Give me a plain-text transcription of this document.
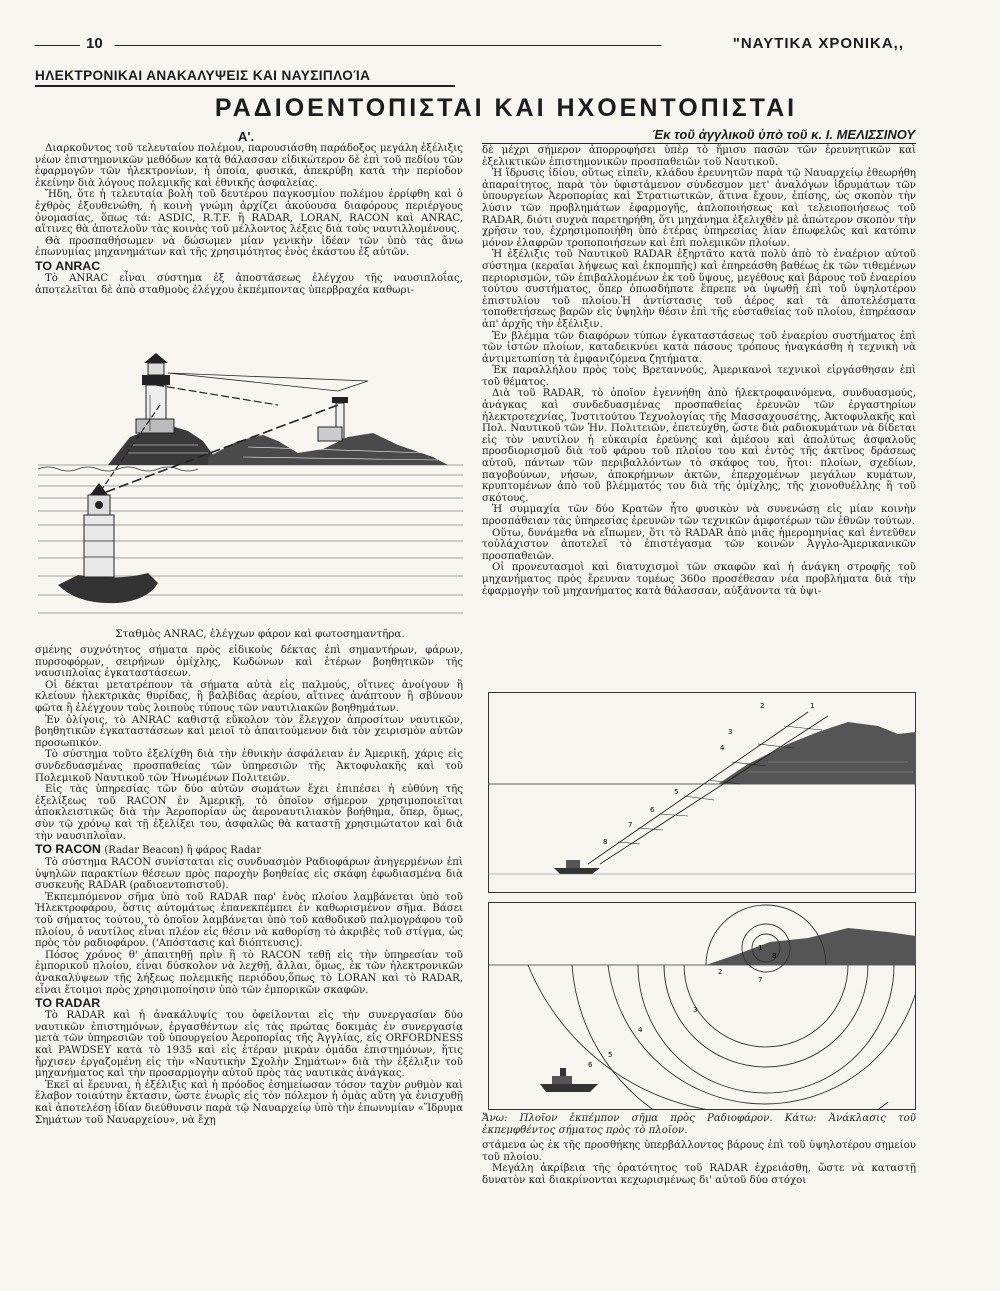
10	"ΝΑΥΤΙΚΑ ΧΡΟΝΙΚΑ,,
ΗΛΕΚΤΡΟΝΙΚΑΙ ΑΝΑΚΑΛΥΨΕΙΣ ΚΑΙ ΝΑΥΣΙΠΛΟΊΑ
ΡΑΔΙΟΕΝΤΟΠΙΣΤΑΙ ΚΑΙ ΗΧΟΕΝΤΟΠΙΣΤΑΙ
Α'.	Έκ τοῦ ἀγγλικοῦ ὑπὸ τοῦ κ. Ι. ΜΕΛΙΣΣΙΝΟΥ

Διαρκοῦντος τοῦ τελευταίου πολέμου, παρουσιάσθη παράδοξος μεγάλη ἐξέλιξις νέων ἐπιστημονικῶν μεθόδων κατὰ θάλασσαν εἰδικώτερον δὲ ἐπὶ τοῦ πεδίου τῶν ἐφαρμογῶν τῶν ἠλεκτρονίων, ἡ ὁποία, φυσικά, ἀπεκρύβη κατὰ τὴν περίοδον ἐκείνην διὰ λόγους πολεμικῆς καὶ ἐθνικῆς ἀσφαλείας.

Ἤδη, ὅτε ἡ τελευταία βολὴ τοῦ δευτέρου παγκοσμίου πολέμου ἐρρίφθη καὶ ὁ ἐχθρὸς ἐξουθενώθη, ἡ κοινὴ γνώμη ἀρχίζει ἀκούουσα διαφόρους περιέργους ὀνομασίας, ὅπως τά: ASDIC, R.T.F. ἢ RADAR, LORAN, RACON καὶ ANRAC, αἵτινες θὰ ἀποτελοῦν τὰς κοινὰς τοῦ μέλλοντος λέξεις διὰ τοὺς ναυτιλλομένους.

Θὰ προσπαθήσωμεν νὰ δώσωμεν μίαν γενικὴν ἰδέαν τῶν ὑπὸ τὰς ἄνω ἐπωνυμίας μηχανημάτων καὶ τῆς χρησιμότητος ἑνὸς ἑκάστου ἐξ αὐτῶν.

ΤΟ ANRAC

Τὸ ANRAC εἶναι σύστημα ἐξ ἀποστάσεως ἐλέγχου τῆς ναυσιπλοΐας, ἀποτελεῖται δὲ ἀπὸ σταθμοὺς ἐλέγχου ἐκπέμποντας ὑπερβραχέα καθωρι-

Σταθμὸς ANRAC, ἐλέγχων φάρον καὶ φωτοσημαντῆρα.

σμένης συχνότητος σήματα πρὸς εἰδικοὺς δέκτας ἐπὶ σημαντήρων, φάρων, πυρσοφόρων, σειρήνων ὀμίχλης, Κωδώνων καὶ ἑτέρων βοηθητικῶν τῆς ναυσιπλοΐας ἐγκαταστάσεων.

Οἱ δέκται μετατρέπουν τὰ σήματα αὐτὰ εἰς παλμούς, οἵτινες ἀνοίγουν ἢ κλείουν ἠλεκτρικὰς θυρίδας, ἢ βαλβίδας ἀερίου, αἵτινες ἀνάπτουν ἢ σβύνουν φῶτα ἢ ἐλέγχουν τοὺς λοιποὺς τύπους τῶν ναυτιλιακῶν βοηθημάτων.

Ἐν ὀλίγοις, τὸ ANRAC καθιστᾷ εὔκολον τὸν ἔλεγχον ἀπροσίτων ναυτικῶν, βοηθητικῶν ἐγκαταστάσεων καὶ μειοῖ τὸ ἀπαιτούμενον διὰ τὸν χειρισμὸν αὐτῶν προσωπικόν.

Τὸ σύστημα τοῦτο ἐξελίχθη διὰ τὴν ἐθνικὴν ἀσφάλειαν ἐν Ἀμερικῇ, χάρις εἰς συνδεδυασμένας προσπαθείας τῶν ὑπηρεσιῶν τῆς Ἀκτοφυλακῆς καὶ τοῦ Πολεμικοῦ Ναυτικοῦ τῶν Ἡνωμένων Πολιτειῶν.

Εἰς τὰς ὑπηρεσίας τῶν δύο αὐτῶν σωμάτων ἔχει ἐπιπέσει ἡ εὐθύνη τῆς ἐξελίξεως τοῦ RACON ἐν Ἀμερικῇ, τὸ ὁποῖον σήμερον χρησιμοποιεῖται ἀποκλειστικῶς διὰ τὴν Ἀεροπορίαν ὡς ἀεροναυτιλιακὸν βοήθημα, ὅπερ, ὅμως, σὺν τῷ χρόνῳ καὶ τῇ ἐξελίξει του, ἀσφαλῶς θὰ καταστῇ χρησιμώτατον καὶ διὰ τὴν ναυσιπλοΐαν.

ΤΟ RACON (Radar Beacon) ἢ φάρος Radar

Τὸ σύστημα RACON συνίσταται εἰς συνδυασμὸν Ραδιοφάρων ἀνηγερμένων ἐπὶ ὑψηλῶν παρακτίων θέσεων πρὸς παροχὴν βοηθείας εἰς σκάφη ἐφωδιασμένα διὰ συσκευῆς RADAR (ραδιοεντοπιστοῦ).

Ἐκπεμπόμενον σῆμα ὑπὸ τοῦ RADAR παρ' ἑνὸς πλοίου λαμβάνεται ὑπὸ τοῦ Ἠλεκτροφάρου, ὅστις αὐτομάτως ἐπανεκπέμπει ἐν καθωρισμένον σῆμα. Βάσει τοῦ σήματος τούτου, τὸ ὁποῖον λαμβάνεται ὑπὸ τοῦ καθοδικοῦ παλμογράφου τοῦ πλοίου, ὁ ναυτίλος εἶναι πλέον εἰς θέσιν νὰ καθορίσῃ τὸ ἀκριβὲς τοῦ στίγμα, ὡς πρὸς τὸν ραδιοφάρον. ('Απόστασις καὶ διόπτευσις).

Πόσος χρόνος θ' ἀπαιτηθῇ πρὶν ἢ τὸ RACON τεθῇ εἰς τὴν ὑπηρεσίαν τοῦ ἐμπορικοῦ πλοίου, εἶναι δύσκολον νὰ λεχθῇ, ἄλλαι, ὅμως, ἐκ τῶν ἠλεκτρονικῶν ἀνακαλύψεων τῆς λήξεως πολεμικῆς περιόδου,ὅπως τὸ LORAN καὶ τὸ RADAR, εἶναι ἕτοιμοι πρὸς χρησιμοποίησιν ὑπὸ τῶν ἐμπορικῶν σκαφῶν.

ΤΟ RADAR

Τὸ RADAR καὶ ἡ ἀνακάλυψίς του ὀφείλονται εἰς τὴν συνεργασίαν δύο ναυτικῶν ἐπιστημόνων, ἐργασθέντων εἰς τὰς πρώτας δοκιμὰς ἐν συνεργασίᾳ μετὰ τῶν ὑπηρεσιῶν τοῦ ὑπουργείου Ἀεροπορίας τῆς Ἀγγλίας, εἰς ORFORDNESS καὶ PAWDSEY κατὰ τὸ 1935 καὶ εἰς ἑτέραν μικρὰν ὁμάδα ἐπιστημόνων, ἥτις ἤρχισεν ἐργαζομένη εἰς τὴν «Ναυτικὴν Σχολὴν Σημάτων» διὰ τὴν ἐξέλιξιν τοῦ μηχανήματος καὶ τὴν προσαρμογὴν αὐτοῦ πρὸς τὰς ναυτικὰς ἀνάγκας.

Ἐκεῖ αἱ ἔρευναι, ἡ ἐξέλιξις καὶ ἡ πρόοδος ἐσημείωσαν τόσον ταχὺν ρυθμὸν καὶ ἔλαβον τοιαύτην ἔκτασιν, ὥστε ἐνωρὶς εἰς τὸν πόλεμον ἡ ὁμὰς αὕτη γὰ ἐνισχυθῇ καὶ ἀποτελέσῃ ἰδίαν διεύθυνσιν παρὰ τῷ Ναυαρχείῳ ὑπὸ τὴν ἐπωνυμίαν «Ἵδρυμα Σημάτων τοῦ Ναυαρχείου», νὰ ἔχῃ

δὲ μέχρι σήμερον ἀπορροφήσει ὑπὲρ τὸ ἥμισυ πασῶν τῶν ἐρευνητικῶν καὶ ἐξελικτικῶν ἐπιστημονικῶν προσπαθειῶν τοῦ Ναυτικοῦ.

Ἡ ἵδρυσις ἰδίου, οὕτως εἰπεῖν, κλάδου ἐρευνητῶν παρὰ τῷ Ναυαρχείῳ ἐθεωρήθη ἀπαραίτητος, παρὰ τὸν ὑφιστάμενον σύνδεσμον μετ' ἀναλόγων ἱδρυμάτων τῶν ὑπουργείων Ἀεροπορίας καὶ Στρατιωτικῶν, ἅτινα ἔχουν, ἐπίσης, ὡς σκοπὸν τὴν λύσιν τῶν προβλημάτων ἐφαρμογῆς, ἁπλοποιήσεως καὶ τελειοποιήσεως τοῦ RADAR, διότι συχνὰ παρετηρήθη, ὅτι μηχάνημα ἐξελιχθὲν μὲ ἀπώτερον σκοπὸν τὴν χρῆσιν του, ἐχρησιμοποιήθη ὑπὸ ἑτέρας ὑπηρεσίας λίαν ἐπωφελῶς καὶ κατόπιν μόνον ἐλαφρῶν τροποποιήσεων καὶ ἐπὶ πολεμικῶν πλοίων.

Ἡ ἐξέλιξις τοῦ Ναυτικοῦ RADAR ἐξηρτᾶτο κατὰ πολὺ ἀπὸ τὸ ἐναέριον αὐτοῦ σύστημα (κεραῖαι λήψεως καὶ ἐκπομπῆς) καὶ ἐπηρεάσθη βαθέως ἐκ τῶν τιθεμένων περιορισμῶν, τῶν ἐπιβαλλομένων ἐκ τοῦ ὕψους, μεγέθους καὶ βάρους τοῦ ἐναερίου τούτου συστήματος, ὅπερ ὁπωσδήποτε ἔπρεπε νὰ ὑψωθῇ ἐπὶ τοῦ ὑψηλοτέρου ἐπιστυλίου τοῦ πλοίου.Ἡ ἀντίστασις τοῦ ἀέρος καὶ τὰ ἀποτελέσματα τοποθετήσεως βαρῶν εἰς ὑψηλὴν θέσιν ἐπὶ τῆς εὐσταθείας τοῦ πλοίου, ἐπηρέασαν ἀπ' ἀρχῆς τὴν ἐξέλιξιν.

Ἐν βλέμμα τῶν διαφόρων τύπων ἐγκαταστάσεως τοῦ ἐναερίου συστήματος ἐπὶ τῶν ἱστῶν πλοίων, καταδεικνύει κατὰ πάσους τρόπους ἠναγκάσθη ἡ τεχνικὴ νὰ ἀντιμετωπίσῃ τὰ ἐμφανιζόμενα ζητήματα.

Ἐκ παραλλήλου πρὸς τοὺς Βρεταννούς, Ἀμερικανοὶ τεχνικοὶ εἰργάσθησαν ἐπὶ τοῦ θέματος.

Διὰ τοῦ RADAR, τὸ ὁποῖον ἐγεννήθη ἀπὸ ἠλεκτροφαινόμενα, συνδυασμούς, ἀνάγκας καὶ συνδεδυασμένας προσπαθείας ἐρευνῶν τῶν ἐργαστηρίων ἠλεκτροτεχνίας, Ἰνστιτούτου Τεχνολογίας τῆς Μασσαχουσέτης, Ἀκτοφυλακῆς καὶ Πολ. Ναυτικοῦ τῶν Ἡν. Πολιτειῶν, ἐπετεύχθη, ὥστε διὰ ραδιοκυμάτων νὰ δίδεται εἰς τὸν ναυτίλον ἡ εὐκαιρία ἐρεύνης καὶ ἀμέσου καὶ ἀπολύτως ἀσφαλοῦς προσδιορισμοῦ διὰ τοῦ φάρου τοῦ πλοίου του καὶ ἐντὸς τῆς ἀκτῖνος δράσεως αὐτοῦ, πάντων τῶν περιβαλλόντων τὸ σκάφος του, ἤτοι: πλοίων, σχεδίων, παγοβούνων, νήσων, ἀποκρήμνων ἀκτῶν, ἐπερχομένων μεγάλων κυμάτων, κρυπτομένων ἀπὸ τοῦ βλέμματός του διὰ τῆς ὀμίχλης, τῆς χιονοθυέλλης ἢ τοῦ σκότους.

Ἡ συμμαχία τῶν δύο Κρατῶν ἦτο φυσικὸν νὰ συνενώσῃ εἰς μίαν κοινὴν προσπάθειαν τὰς ὑπηρεσίας ἐρευνῶν τῶν τεχνικῶν ἀμφοτέρων τῶν ἐθνῶν τούτων.

Οὕτω, δυνάμεθα νὰ εἴπωμεν, ὅτι τὸ RADAR ἀπὸ μιᾶς ἡμερομηνίας καὶ ἐντεῦθεν τοὐλάχιστον ἀποτελεῖ τὸ ἐπιστέγασμα τῶν κοινῶν Ἀγγλο-Ἀμερικανικῶν προσπαθειῶν.

Οἱ προνευτασμοὶ καὶ διατυχισμοὶ τῶν σκαφῶν καὶ ἡ ἀνάγκη στροφῆς τοῦ μηχανήματος πρὸς ἔρευναν τομέως 360ο προσέθεσαν νέα προβλήματα διὰ τὴν ἐφαρμογὴν τοῦ μηχανήματος κατὰ θάλασσαν, αὐξάνοντα τὰ ὑψι-

8
7
6
5
4
3
2	1
1
2
3
4
5
6
7
8
Ἄνω: Πλοῖον ἐκπέμπον σῆμα πρὸς Ραδιοφάρον. Κάτω: Ἀνάκλασις τοῦ ἐκπεμφθέντος σήματος πρὸς τὸ πλοῖον.
στάμενα ὡς ἐκ τῆς προσθήκης ὑπερβάλλοντος βάρους ἐπὶ τοῦ ὑψηλοτέρου σημείου τοῦ πλοίου.
Μεγάλη ἀκρίβεια τῆς ὁρατότητος τοῦ RADAR ἐχρειάσθη, ὥστε νὰ καταστῇ δυνατὸν καὶ διακρίνονται κεχωρισμένως δι' αὐτοῦ δύο στόχοι
